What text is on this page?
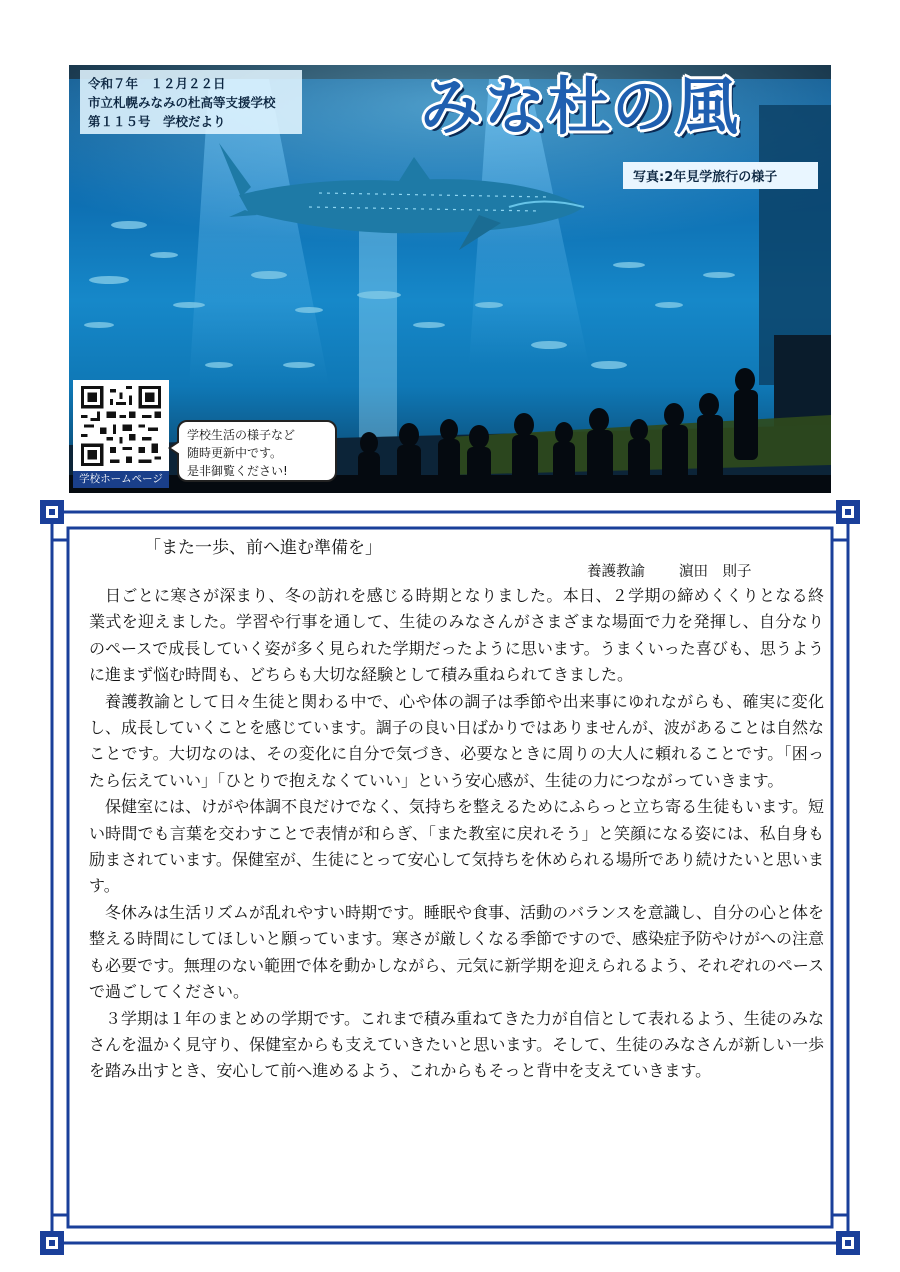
令和７年　１２月２２日
市立札幌みなみの杜高等支援学校
第１１５号　学校だより	みな杜の風
写真:2年見学旅行の様子
学校ホームページ
学校生活の様子など
随時更新中です。
是非御覧ください!
「また一歩、前へ進む準備を」
養護教諭 濵田　則子

日ごとに寒さが深まり、冬の訪れを感じる時期となりました。本日、２学期の締めくくりとなる終業式を迎えました。学習や行事を通して、生徒のみなさんがさまざまな場面で力を発揮し、自分なりのペースで成長していく姿が多く見られた学期だったように思います。うまくいった喜びも、思うように進まず悩む時間も、どちらも大切な経験として積み重ねられてきました。

養護教諭として日々生徒と関わる中で、心や体の調子は季節や出来事にゆれながらも、確実に変化し、成長していくことを感じています。調子の良い日ばかりではありませんが、波があることは自然なことです。大切なのは、その変化に自分で気づき、必要なときに周りの大人に頼れることです。「困ったら伝えていい」「ひとりで抱えなくていい」という安心感が、生徒の力につながっていきます。

保健室には、けがや体調不良だけでなく、気持ちを整えるためにふらっと立ち寄る生徒もいます。短い時間でも言葉を交わすことで表情が和らぎ、「また教室に戻れそう」と笑顔になる姿には、私自身も励まされています。保健室が、生徒にとって安心して気持ちを休められる場所であり続けたいと思います。

冬休みは生活リズムが乱れやすい時期です。睡眠や食事、活動のバランスを意識し、自分の心と体を整える時間にしてほしいと願っています。寒さが厳しくなる季節ですので、感染症予防やけがへの注意も必要です。無理のない範囲で体を動かしながら、元気に新学期を迎えられるよう、それぞれのペースで過ごしてください。

３学期は１年のまとめの学期です。これまで積み重ねてきた力が自信として表れるよう、生徒のみなさんを温かく見守り、保健室からも支えていきたいと思います。そして、生徒のみなさんが新しい一歩を踏み出すとき、安心して前へ進めるよう、これからもそっと背中を支えていきます。
